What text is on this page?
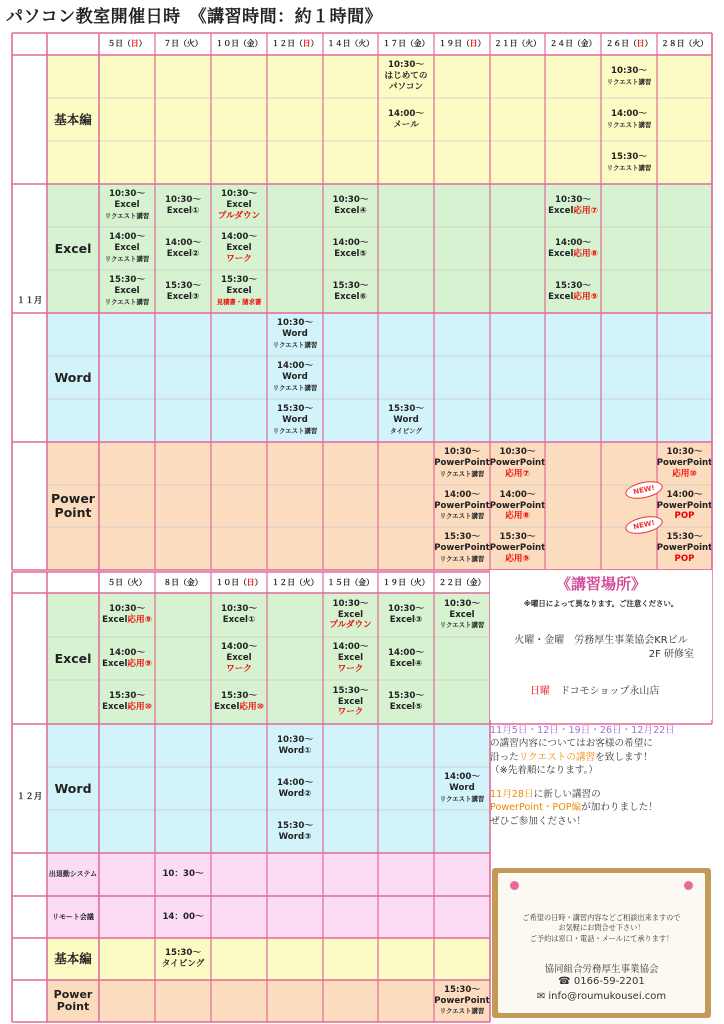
パソコン教室開催日時　《講習時間：約１時間》
１１月
５日（日） ７日（火） １０日（金） １２日（日） １４日（火） １７日（金） １９日（日） ２１日（火） ２４日（金） ２６日（日） ２８日（火）
基本編
Excel
Word
Power Point
10:30～
はじめての
パソコン
14:00～
メール
10:30～
リクエスト講習
14:00～
リクエスト講習
15:30～
リクエスト講習
10:30～
Excel
リクエスト講習
14:00～
Excel
リクエスト講習
15:30～
Excel
リクエスト講習
10:30～
Excel①
14:00～
Excel②
15:30～
Excel③
10:30～
Excel
プルダウン
14:00～
Excel
ワーク
15:30～
Excel
見積書・請求書
10:30～
Excel④
14:00～
Excel⑤
15:30～
Excel⑥
10:30～
Excel応用⑦
14:00～
Excel応用⑧
15:30～
Excel応用⑨
10:30～
Word
リクエスト講習
14:00～
Word
リクエスト講習
15:30～
Word
リクエスト講習
15:30～
Word
タイピング
10:30～
PowerPoint
リクエスト講習
14:00～
PowerPoint
リクエスト講習
15:30～
PowerPoint
リクエスト講習
10:30～
PowerPoint
応用⑦
14:00～
PowerPoint
応用⑧
15:30～
PowerPoint
応用⑨
10:30～
PowerPoint
応用⑩
14:00～
PowerPoint
POP
15:30～
PowerPoint
POP
１２月
５日（火） ８日（金） １０日（日） １２日（火） １５日（金） １９日（火） ２２日（金）
Excel
Word
出退勤システム
リモート会議
基本編
Power Point
10:30～
Excel応用⑨
14:00～
Excel応用⑨
15:30～
Excel応用⑩
10:30～
Excel①
14:00～
Excel
ワーク
15:30～
Excel応用⑩
10:30～
Excel
プルダウン
14:00～
Excel
ワーク
15:30～
Excel
ワーク
10:30～
Excel③
14:00～
Excel④
15:30～
Excel⑤
10:30～
Excel
リクエスト講習
10:30～
Word①
14:00～
Word②
15:30～
Word③
14:00～
Word
リクエスト講習
10：30～
14：00～
15:30～
タイピング
15:30～
PowerPoint
リクエスト講習
NEW!
NEW!
《講習場所》
※曜日によって異なります。ご注意ください。
火曜・金曜　 労務厚生事業協会KRビル
2F 研修室
日曜　 ドコモショップ永山店
11月5日・12日・19日・26日・12月22日
の講習内容についてはお客様の希望に
沿ったリクエストの講習を致します！
（※先着順になります。）
11月28日に新しい講習の
PowerPoint・POP編が加わりました！
ぜひご参加ください！
ご希望の日時・講習内容などご相談出来ますので
お気軽にお問合せ下さい！
ご予約は窓口・電話・メールにて承ります！
協同組合労務厚生事業協会
☎ 0166-59-2201
✉ info@roumukousei.com
